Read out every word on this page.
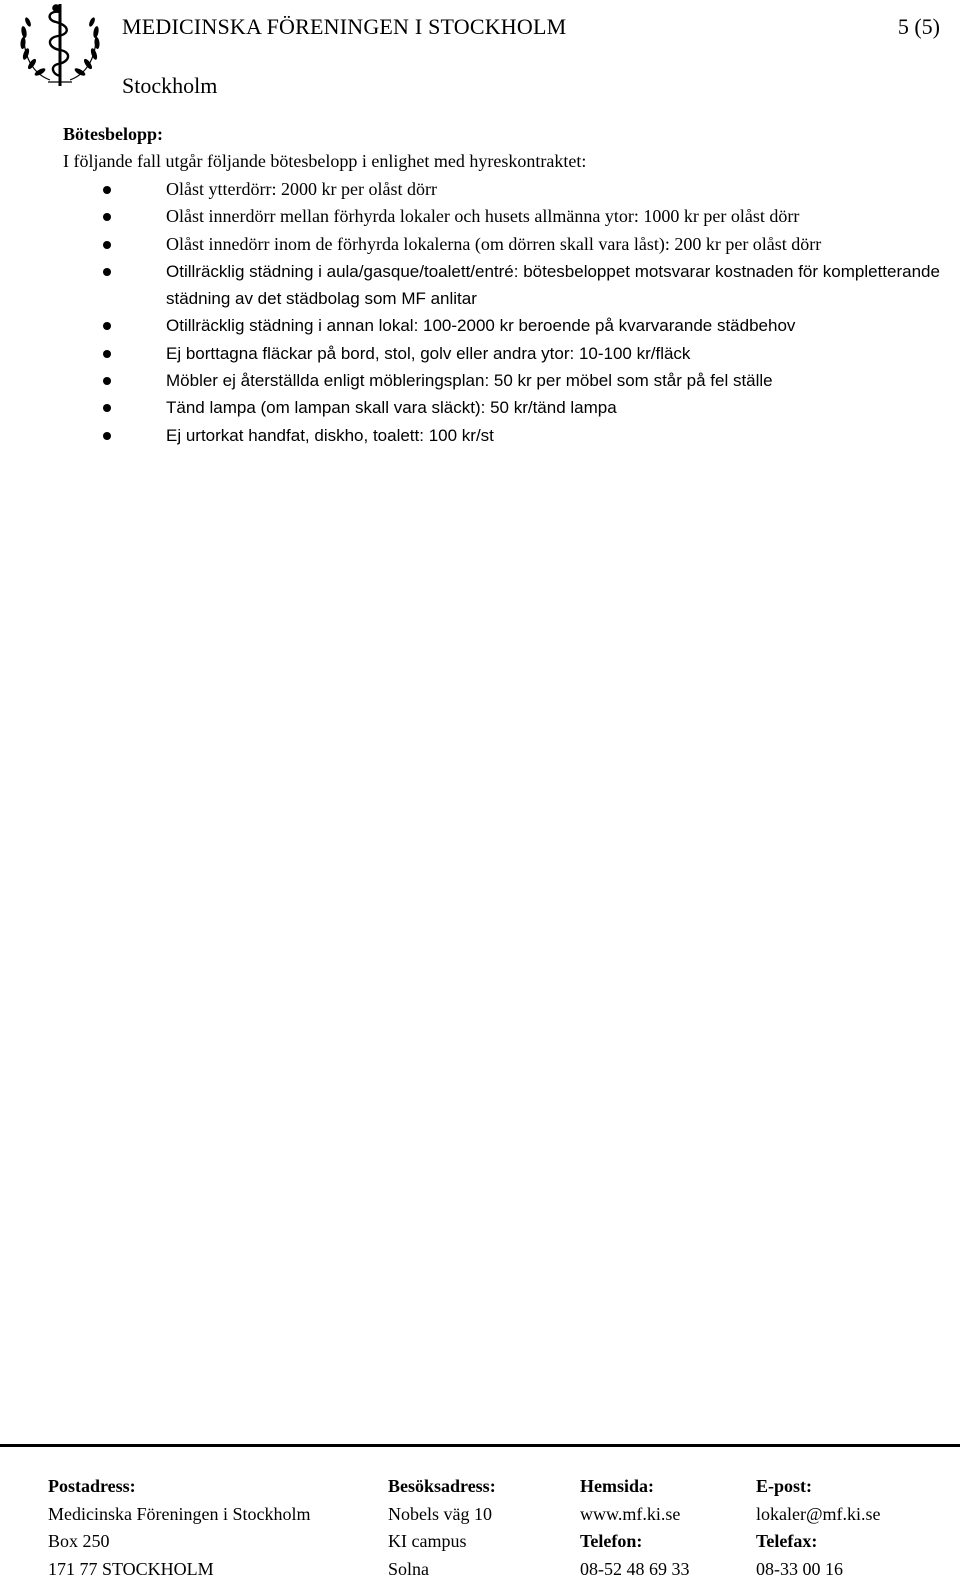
MEDICINSKA FÖRENINGEN I STOCKHOLM	5 (5)
Stockholm
Bötesbelopp:
I följande fall utgår följande bötesbelopp i enlighet med hyreskontraktet:
Olåst ytterdörr: 2000 kr per olåst dörr
Olåst innerdörr mellan förhyrda lokaler och husets allmänna ytor: 1000 kr per olåst dörr
Olåst innedörr inom de förhyrda lokalerna (om dörren skall vara låst): 200 kr per olåst dörr
Otillräcklig städning i aula/gasque/toalett/entré: bötesbeloppet motsvarar kostnaden för kompletterande städning av det städbolag som MF anlitar
Otillräcklig städning i annan lokal: 100-2000 kr beroende på kvarvarande städbehov
Ej borttagna fläckar på bord, stol, golv eller andra ytor: 10-100 kr/fläck
Möbler ej återställda enligt möbleringsplan: 50 kr per möbel som står på fel ställe
Tänd lampa (om lampan skall vara släckt): 50 kr/tänd lampa
Ej urtorkat handfat, diskho, toalett: 100 kr/st
Postadress:
Medicinska Föreningen i Stockholm
Box 250
171 77 STOCKHOLM
Besöksadress:
Nobels väg 10
KI campus
Solna
Hemsida:
www.mf.ki.se
Telefon:
08-52 48 69 33
E-post:
lokaler@mf.ki.se
Telefax:
08-33 00 16
